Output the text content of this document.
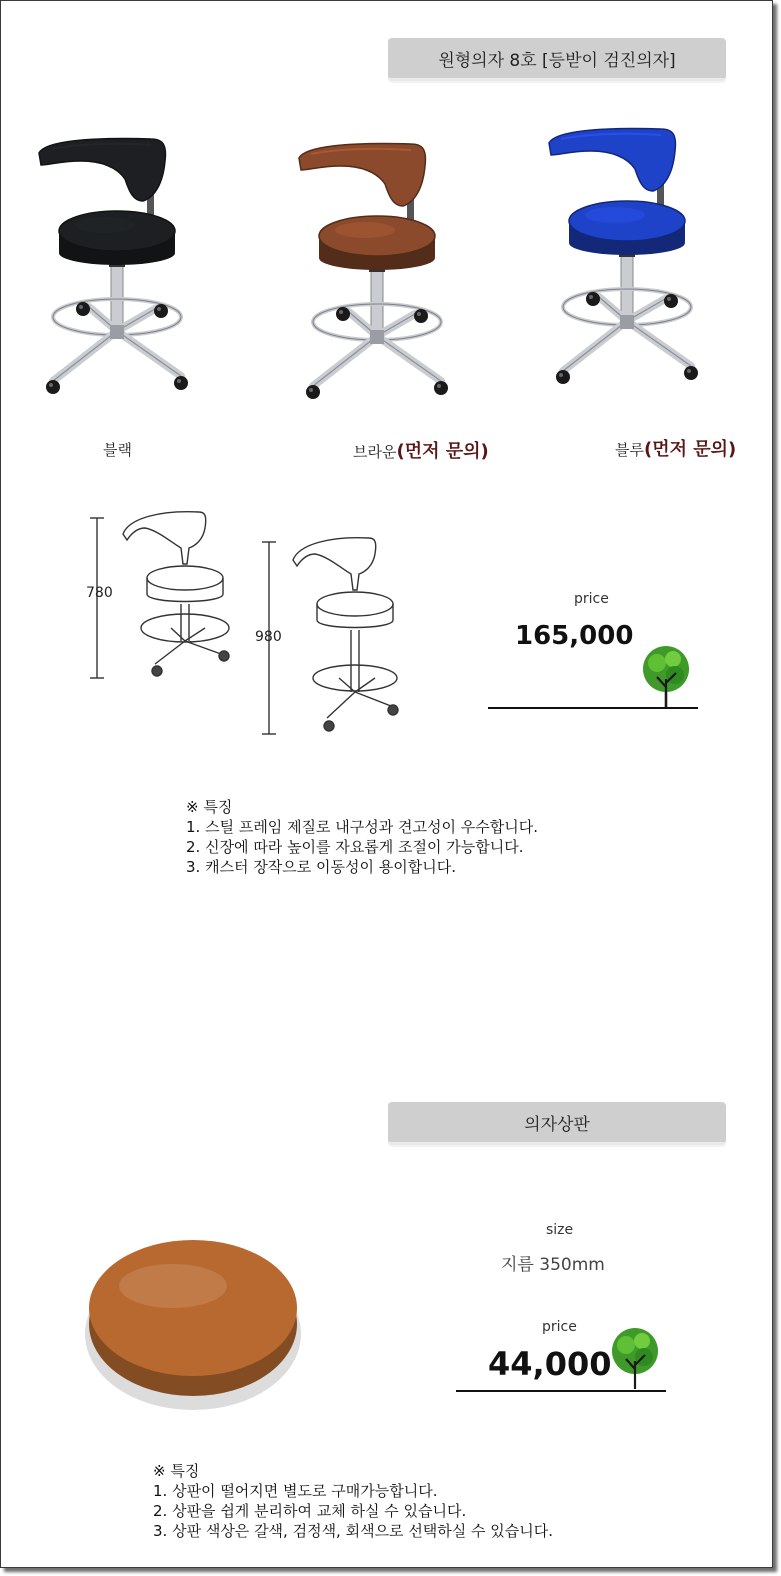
원형의자 8호 [등받이 검진의자]
블랙	브라운(먼저 문의)	블루(먼저 문의)
780
980
price
165,000
※ 특징
1. 스틸 프레임 제질로 내구성과 견고성이 우수합니다.
2. 신장에 따라 높이를 자요롭게 조절이 가능합니다.
3. 캐스터 장작으로 이동성이 용이합니다.
의자상판
size
지름 350mm
price
44,000
※ 특징
1. 상판이 떨어지면 별도로 구매가능합니다.
2. 상판을 쉽게 분리하여 교체 하실 수 있습니다.
3. 상판 색상은 갈색, 검정색, 회색으로 선택하실 수 있습니다.
